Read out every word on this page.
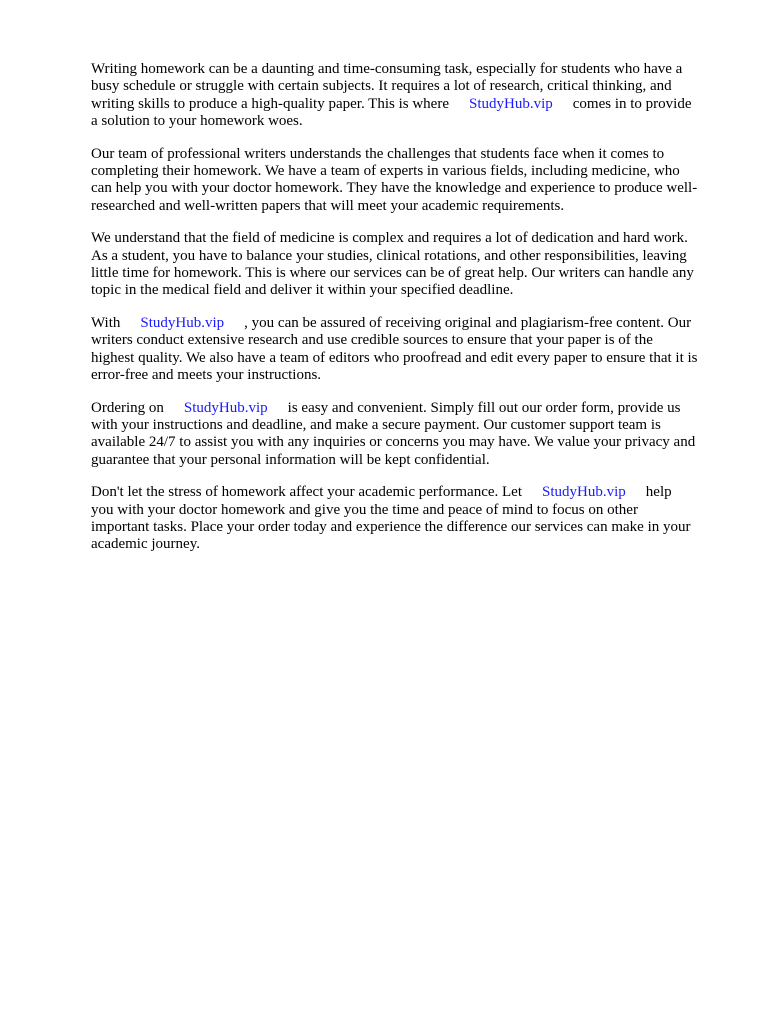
Writing homework can be a daunting and time-consuming task, especially for students who have a
busy schedule or struggle with certain subjects. It requires a lot of research, critical thinking, and
writing skills to produce a high-quality paper. This is where StudyHub.vip comes in to provide
a solution to your homework woes.

Our team of professional writers understands the challenges that students face when it comes to
completing their homework. We have a team of experts in various fields, including medicine, who
can help you with your doctor homework. They have the knowledge and experience to produce well-
researched and well-written papers that will meet your academic requirements.

We understand that the field of medicine is complex and requires a lot of dedication and hard work.
As a student, you have to balance your studies, clinical rotations, and other responsibilities, leaving
little time for homework. This is where our services can be of great help. Our writers can handle any
topic in the medical field and deliver it within your specified deadline.

With StudyHub.vip , you can be assured of receiving original and plagiarism-free content. Our
writers conduct extensive research and use credible sources to ensure that your paper is of the
highest quality. We also have a team of editors who proofread and edit every paper to ensure that it is
error-free and meets your instructions.

Ordering on StudyHub.vip is easy and convenient. Simply fill out our order form, provide us
with your instructions and deadline, and make a secure payment. Our customer support team is
available 24/7 to assist you with any inquiries or concerns you may have. We value your privacy and
guarantee that your personal information will be kept confidential.

Don't let the stress of homework affect your academic performance. Let StudyHub.vip help
you with your doctor homework and give you the time and peace of mind to focus on other
important tasks. Place your order today and experience the difference our services can make in your
academic journey.
